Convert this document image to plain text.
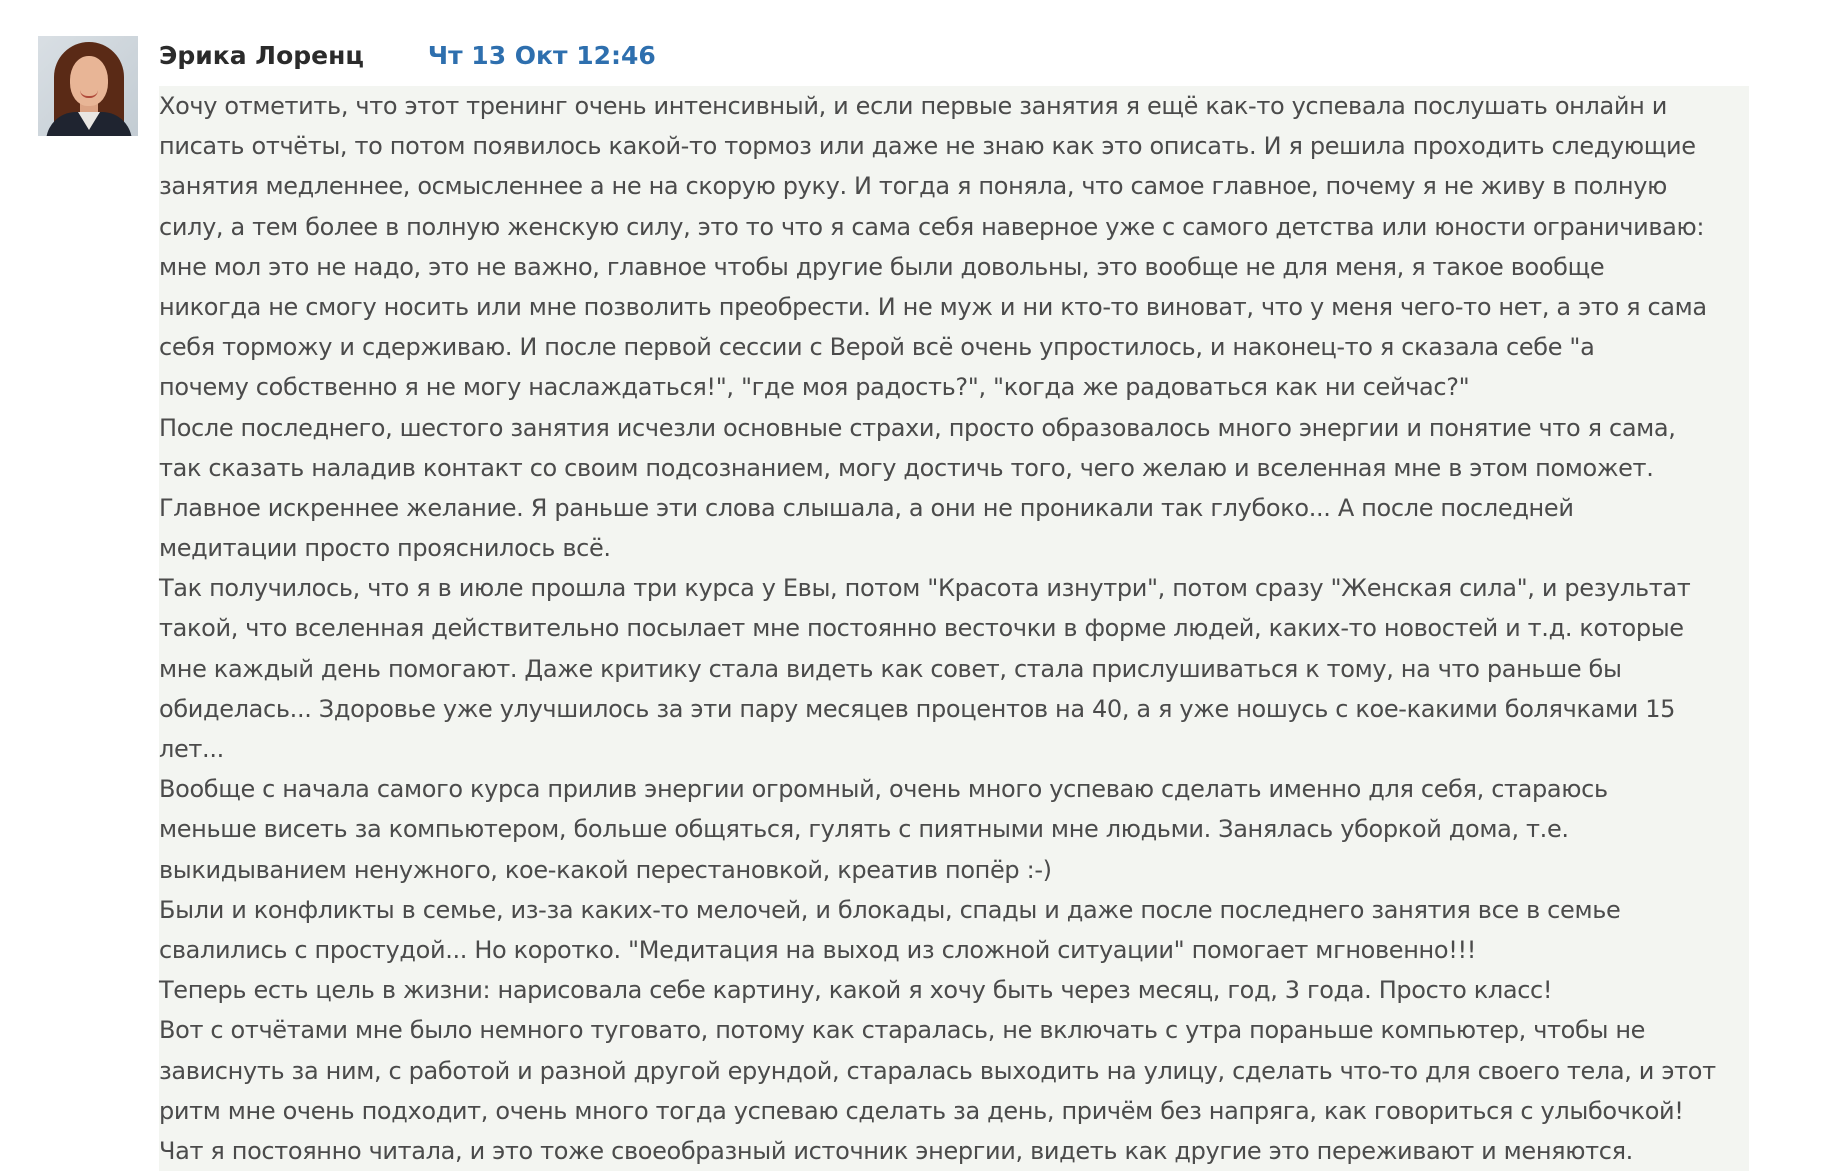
Эрика Лоренц	Чт 13 Окт 12:46
Хочу отметить, что этот тренинг очень интенсивный, и если первые занятия я ещё как-то успевала послушать онлайн и
писать отчёты, то потом появилось какой-то тормоз или даже не знаю как это описать. И я решила проходить следующие
занятия медленнее, осмысленнее а не на скорую руку. И тогда я поняла, что самое главное, почему я не живу в полную
силу, а тем более в полную женскую силу, это то что я сама себя наверное уже с самого детства или юности ограничиваю:
мне мол это не надо, это не важно, главное чтобы другие были довольны, это вообще не для меня, я такое вообще
никогда не смогу носить или мне позволить преобрести. И не муж и ни кто-то виноват, что у меня чего-то нет, а это я сама
себя торможу и сдерживаю. И после первой сессии с Верой всё очень упростилось, и наконец-то я сказала себе "а
почему собственно я не могу наслаждаться!", "где моя радость?", "когда же радоваться как ни сейчас?"
После последнего, шестого занятия исчезли основные страхи, просто образовалось много энергии и понятие что я сама,
так сказать наладив контакт со своим подсознанием, могу достичь того, чего желаю и вселенная мне в этом поможет.
Главное искреннее желание. Я раньше эти слова слышала, а они не проникали так глубоко... А после последней
медитации просто прояснилось всё.
Так получилось, что я в июле прошла три курса у Евы, потом "Красота изнутри", потом сразу "Женская сила", и результат
такой, что вселенная действительно посылает мне постоянно весточки в форме людей, каких-то новостей и т.д. которые
мне каждый день помогают. Даже критику стала видеть как совет, стала прислушиваться к тому, на что раньше бы
обиделась... Здоровье уже улучшилось за эти пару месяцев процентов на 40, а я уже ношусь с кое-какими болячками 15
лет...
Вообще с начала самого курса прилив энергии огромный, очень много успеваю сделать именно для себя, стараюсь
меньше висеть за компьютером, больше общяться, гулять с пиятными мне людьми. Занялась уборкой дома, т.е.
выкидыванием ненужного, кое-какой перестановкой, креатив попёр :-)
Были и конфликты в семье, из-за каких-то мелочей, и блокады, спады и даже после последнего занятия все в семье
свалились с простудой... Но коротко. "Медитация на выход из сложной ситуации" помогает мгновенно!!!
Теперь есть цель в жизни: нарисовала себе картину, какой я хочу быть через месяц, год, 3 года. Просто класс!
Вот с отчётами мне было немного туговато, потому как старалась, не включать с утра пораньше компьютер, чтобы не
зависнуть за ним, с работой и разной другой ерундой, старалась выходить на улицу, сделать что-то для своего тела, и этот
ритм мне очень подходит, очень много тогда успеваю сделать за день, причём без напряга, как говориться с улыбочкой!
Чат я постоянно читала, и это тоже своеобразный источник энергии, видеть как другие это переживают и меняются.
